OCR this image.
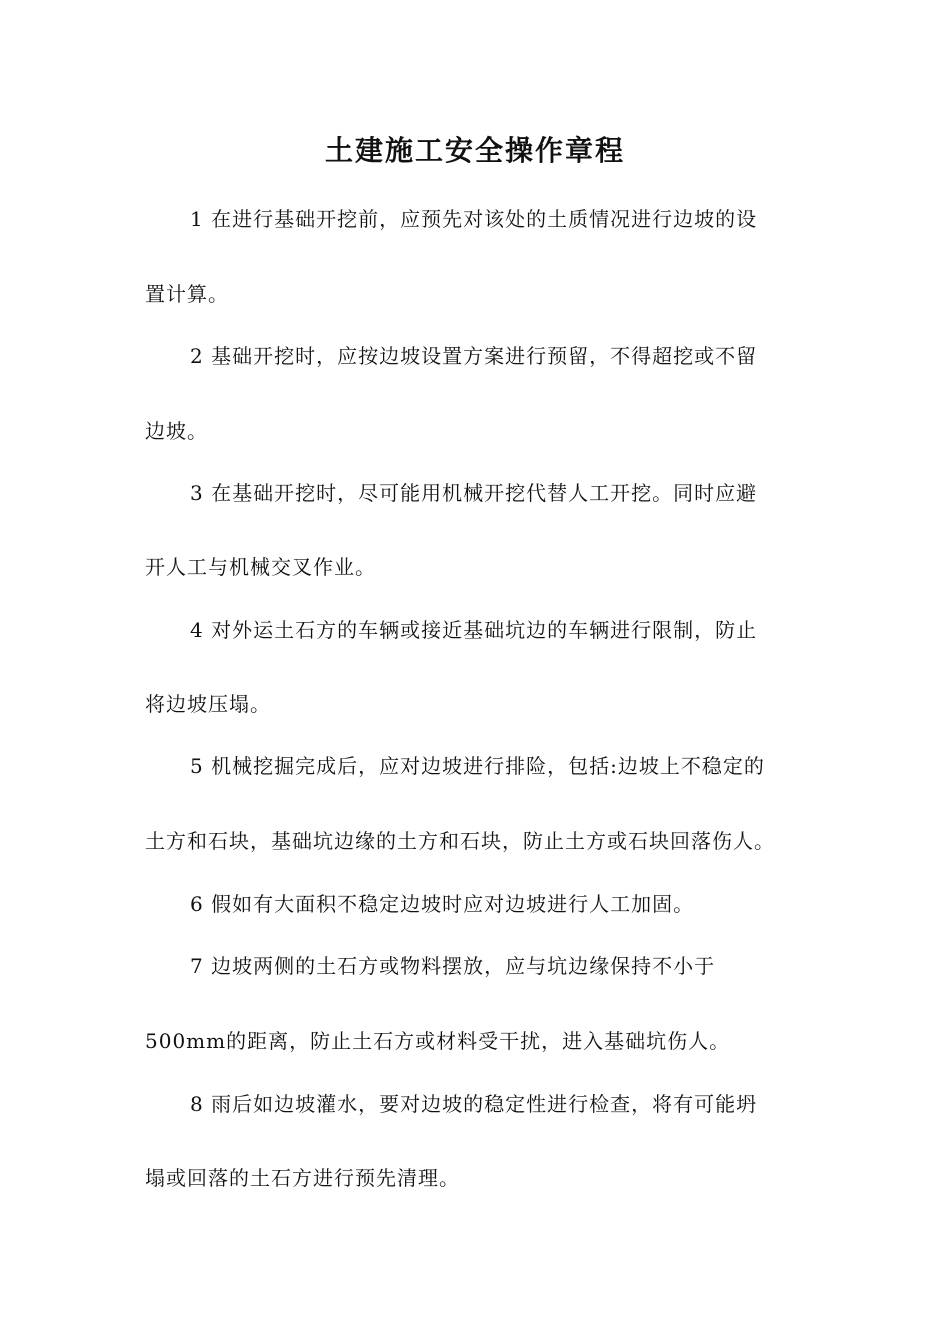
土建施工安全操作章程
1 在进行基础开挖前，应预先对该处的土质情况进行边坡的设
置计算。
2 基础开挖时，应按边坡设置方案进行预留，不得超挖或不留
边坡。
3 在基础开挖时，尽可能用机械开挖代替人工开挖。同时应避
开人工与机械交叉作业。
4 对外运土石方的车辆或接近基础坑边的车辆进行限制，防止
将边坡压塌。
5 机械挖掘完成后，应对边坡进行排险，包括:边坡上不稳定的
土方和石块，基础坑边缘的土方和石块，防止土方或石块回落伤人。
6 假如有大面积不稳定边坡时应对边坡进行人工加固。
7 边坡两侧的土石方或物料摆放，应与坑边缘保持不小于
500mm的距离，防止土石方或材料受干扰，进入基础坑伤人。
8 雨后如边坡灌水，要对边坡的稳定性进行检查，将有可能坍
塌或回落的土石方进行预先清理。
